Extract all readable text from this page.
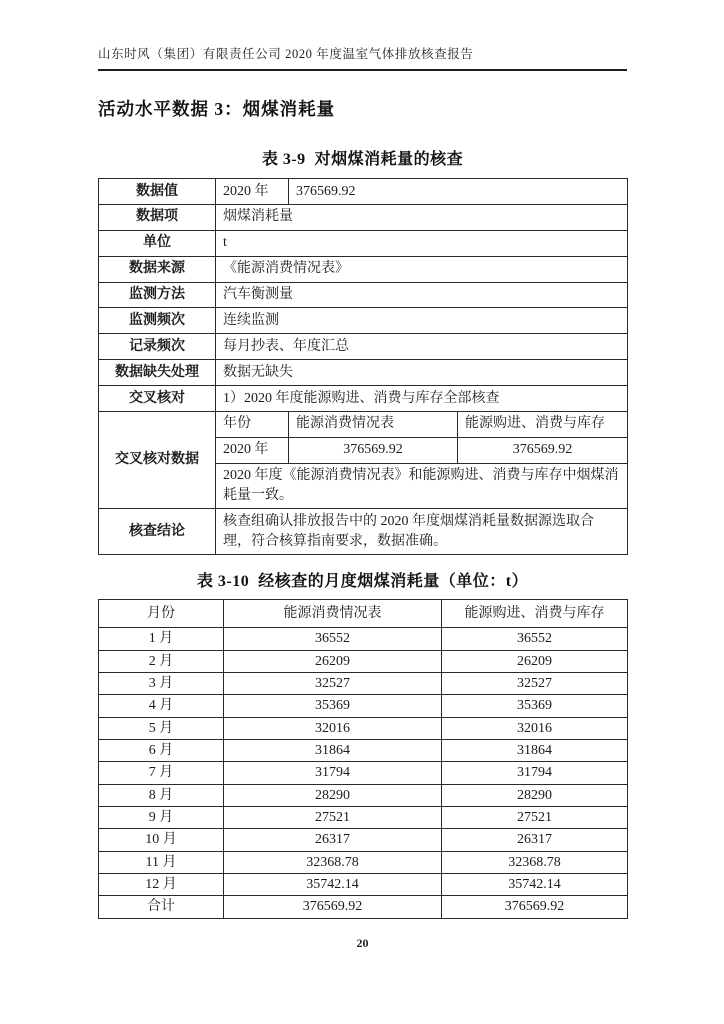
山东时风（集团）有限责任公司 2020 年度温室气体排放核查报告
活动水平数据 3：烟煤消耗量
表 3-9  对烟煤消耗量的核查
数据值	2020 年	376569.92	
数据项	烟煤消耗量		
单位	t		
数据来源	《能源消费情况表》		
监测方法	汽车衡测量		
监测频次	连续监测		
记录频次	每月抄表、年度汇总		
数据缺失处理	数据无缺失		
交叉核对	1）2020 年度能源购进、消费与库存全部核查		
交叉核对数据	年份	能源消费情况表	能源购进、消费与库存
	2020 年	376569.92	376569.92
	2020 年度《能源消费情况表》和能源购进、消费与库存中烟煤消耗量一致。		
核查结论	核查组确认排放报告中的 2020 年度烟煤消耗量数据源选取合理，符合核算指南要求，数据准确。		
表 3-10  经核查的月度烟煤消耗量（单位：t）
月份	能源消费情况表	能源购进、消费与库存
1 月	36552	36552
2 月	26209	26209
3 月	32527	32527
4 月	35369	35369
5 月	32016	32016
6 月	31864	31864
7 月	31794	31794
8 月	28290	28290
9 月	27521	27521
10 月	26317	26317
11 月	32368.78	32368.78
12 月	35742.14	35742.14
合计	376569.92	376569.92
20
